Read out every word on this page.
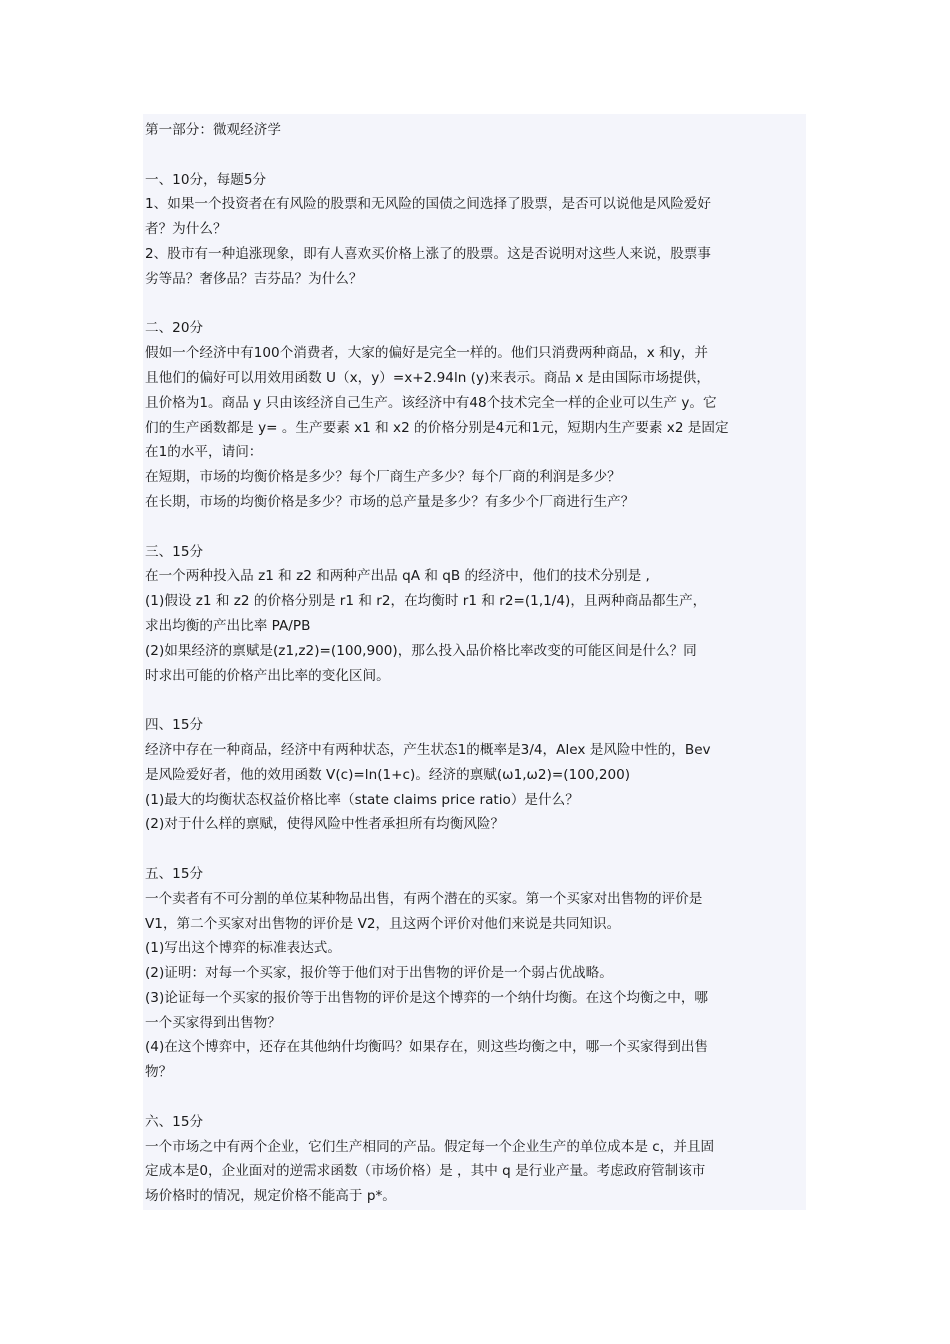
第一部分：微观经济学
一、10分，每题5分
1、如果一个投资者在有风险的股票和无风险的国债之间选择了股票，是否可以说他是风险爱好
者？为什么？
2、股市有一种追涨现象，即有人喜欢买价格上涨了的股票。这是否说明对这些人来说，股票事
劣等品？奢侈品？吉芬品？为什么？
二、20分
假如一个经济中有100个消费者，大家的偏好是完全一样的。他们只消费两种商品，x 和y，并
且他们的偏好可以用效用函数 U（x，y）=x+2.94ln (y)来表示。商品 x 是由国际市场提供，
且价格为1。商品 y 只由该经济自己生产。该经济中有48个技术完全一样的企业可以生产 y。它
们的生产函数都是 y= 。生产要素 x1 和 x2 的价格分别是4元和1元，短期内生产要素 x2 是固定
在1的水平，请问：
在短期，市场的均衡价格是多少？每个厂商生产多少？每个厂商的利润是多少？
在长期，市场的均衡价格是多少？市场的总产量是多少？有多少个厂商进行生产？
三、15分
在一个两种投入品 z1 和 z2 和两种产出品 qA 和 qB 的经济中，他们的技术分别是 ,
(1)假设 z1 和 z2 的价格分别是 r1 和 r2，在均衡时 r1 和 r2=(1,1/4)，且两种商品都生产，
求出均衡的产出比率 PA/PB
(2)如果经济的禀赋是(z1,z2)=(100,900)，那么投入品价格比率改变的可能区间是什么？同
时求出可能的价格产出比率的变化区间。
四、15分
经济中存在一种商品，经济中有两种状态，产生状态1的概率是3/4，Alex 是风险中性的，Bev
是风险爱好者，他的效用函数 V(c)=ln(1+c)。经济的禀赋(ω1,ω2)=(100,200)
(1)最大的均衡状态权益价格比率（state claims price ratio）是什么？
(2)对于什么样的禀赋，使得风险中性者承担所有均衡风险？
五、15分
一个卖者有不可分割的单位某种物品出售，有两个潜在的买家。第一个买家对出售物的评价是
V1，第二个买家对出售物的评价是 V2，且这两个评价对他们来说是共同知识。
(1)写出这个博弈的标准表达式。
(2)证明：对每一个买家，报价等于他们对于出售物的评价是一个弱占优战略。
(3)论证每一个买家的报价等于出售物的评价是这个博弈的一个纳什均衡。在这个均衡之中，哪
一个买家得到出售物？
(4)在这个博弈中，还存在其他纳什均衡吗？如果存在，则这些均衡之中，哪一个买家得到出售
物？
六、15分
一个市场之中有两个企业，它们生产相同的产品。假定每一个企业生产的单位成本是 c，并且固
定成本是0，企业面对的逆需求函数（市场价格）是 ，其中 q 是行业产量。考虑政府管制该市
场价格时的情况，规定价格不能高于 p*。
